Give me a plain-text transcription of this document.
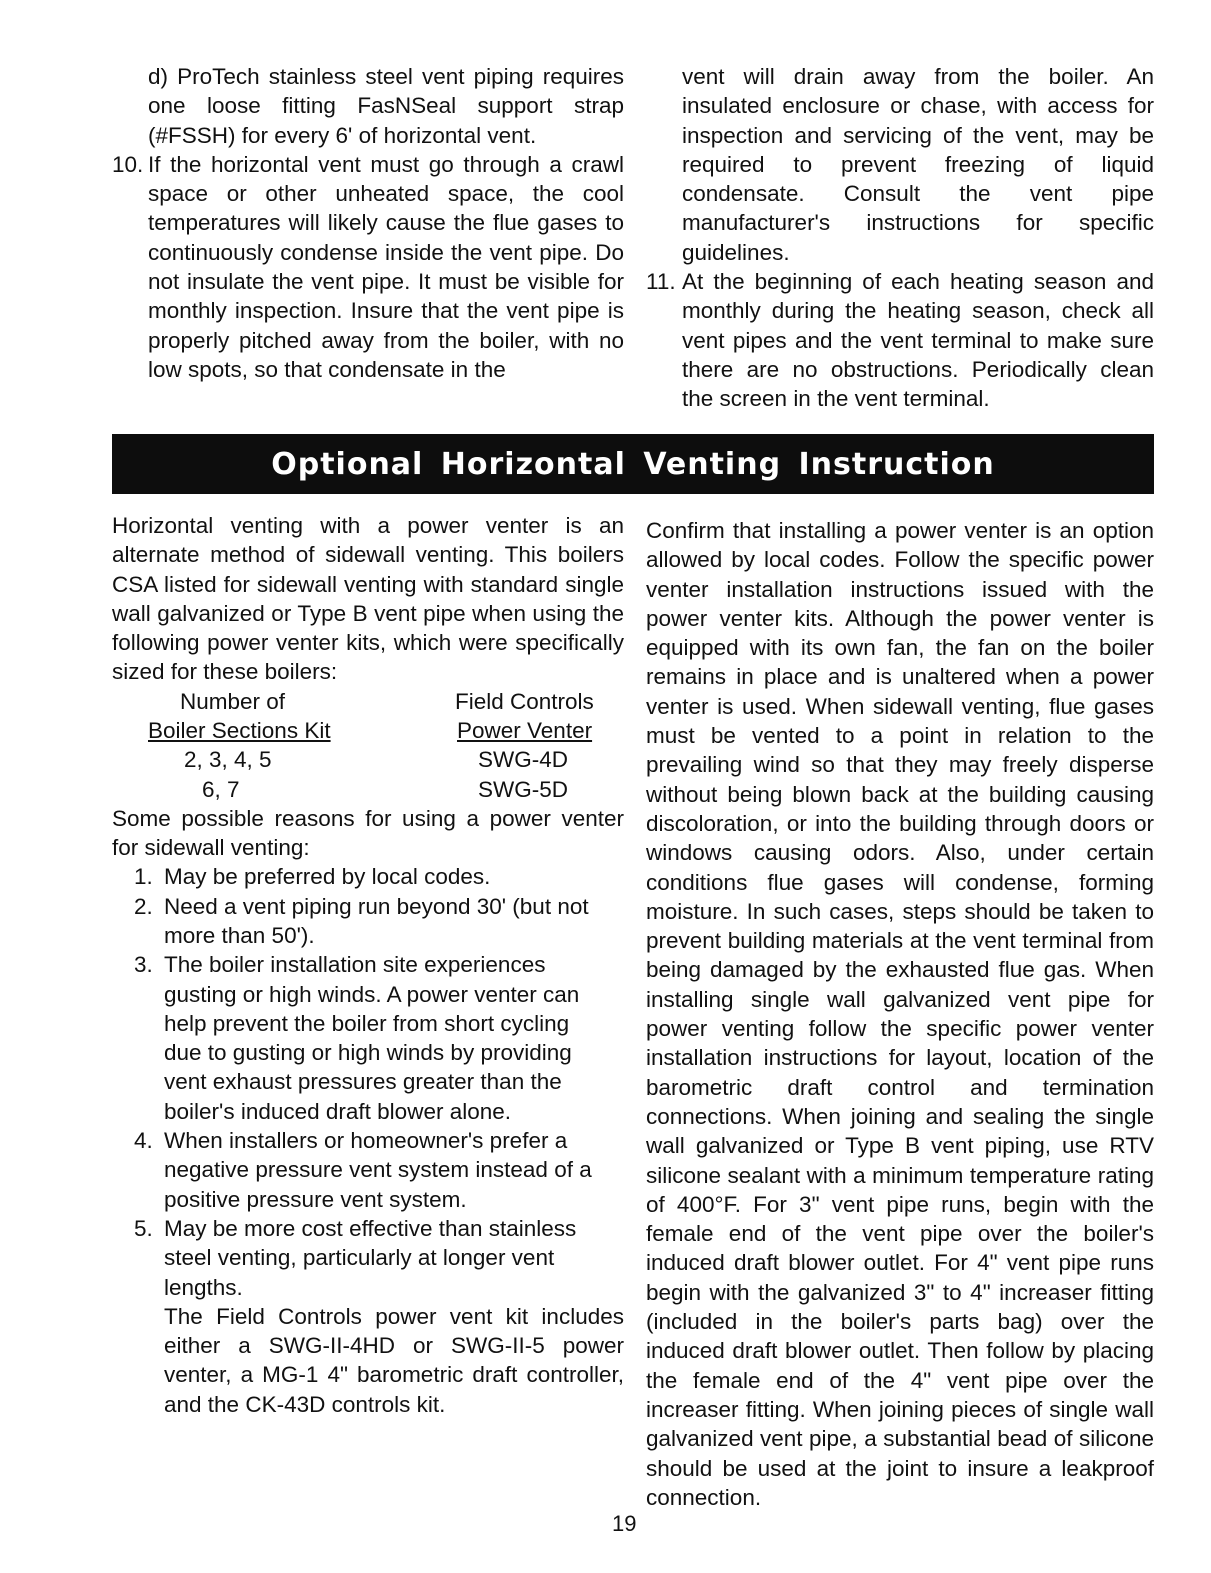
d) ProTech stainless steel vent piping requires one loose fitting FasNSeal support strap (#FSSH) for every 6' of horizontal vent.

10. If the horizontal vent must go through a crawl space or other unheated space, the cool temperatures will likely cause the flue gases to continuously condense inside the vent pipe. Do not insulate the vent pipe. It must be visible for monthly inspection. Insure that the vent pipe is properly pitched away from the boiler, with no low spots, so that condensate in the

vent will drain away from the boiler. An insulated enclosure or chase, with access for inspection and servicing of the vent, may be required to prevent freezing of liquid condensate. Consult the vent pipe manufacturer's instructions for specific guidelines.

11. At the beginning of each heating season and monthly during the heating season, check all vent pipes and the vent terminal to make sure there are no obstructions. Periodically clean the screen in the vent terminal.

Optional Horizontal Venting Instruction

Horizontal venting with a power venter is an alternate method of sidewall venting. This boilers CSA listed for sidewall venting with standard single wall galvanized or Type B vent pipe when using the following power venter kits, which were specifically sized for these boilers:

Number of	Field Controls
Boiler Sections Kit	Power Venter
2, 3, 4, 5	SWG-4D
6, 7	SWG-5D

Some possible reasons for using a power venter for sidewall venting:

1. May be preferred by local codes.

2. Need a vent piping run beyond 30' (but not more than 50').

3. The boiler installation site experiences gusting or high winds. A power venter can help prevent the boiler from short cycling due to gusting or high winds by providing vent exhaust pressures greater than the boiler's induced draft blower alone.

4. When installers or homeowner's prefer a negative pressure vent system instead of a positive pressure vent system.

5. May be more cost effective than stainless steel venting, particularly at longer vent lengths.

The Field Controls power vent kit includes either a SWG-II-4HD or SWG-II-5 power venter, a MG-1 4" barometric draft controller, and the CK-43D controls kit.

Confirm that installing a power venter is an option allowed by local codes. Follow the specific power venter installation instructions issued with the power venter kits. Although the power venter is equipped with its own fan, the fan on the boiler remains in place and is unaltered when a power venter is used. When sidewall venting, flue gases must be vented to a point in relation to the prevailing wind so that they may freely disperse without being blown back at the building causing discoloration, or into the building through doors or windows causing odors. Also, under certain conditions flue gases will condense, forming moisture. In such cases, steps should be taken to prevent building materials at the vent terminal from being damaged by the exhausted flue gas. When installing single wall galvanized vent pipe for power venting follow the specific power venter installation instructions for layout, location of the barometric draft control and termination connections. When joining and sealing the single wall galvanized or Type B vent piping, use RTV silicone sealant with a minimum temperature rating of 400°F. For 3" vent pipe runs, begin with the female end of the vent pipe over the boiler's induced draft blower outlet. For 4" vent pipe runs begin with the galvanized 3" to 4" increaser fitting (included in the boiler's parts bag) over the induced draft blower outlet. Then follow by placing the female end of the 4" vent pipe over the increaser fitting. When joining pieces of single wall galvanized vent pipe, a substantial bead of silicone should be used at the joint to insure a leakproof connection.

19
